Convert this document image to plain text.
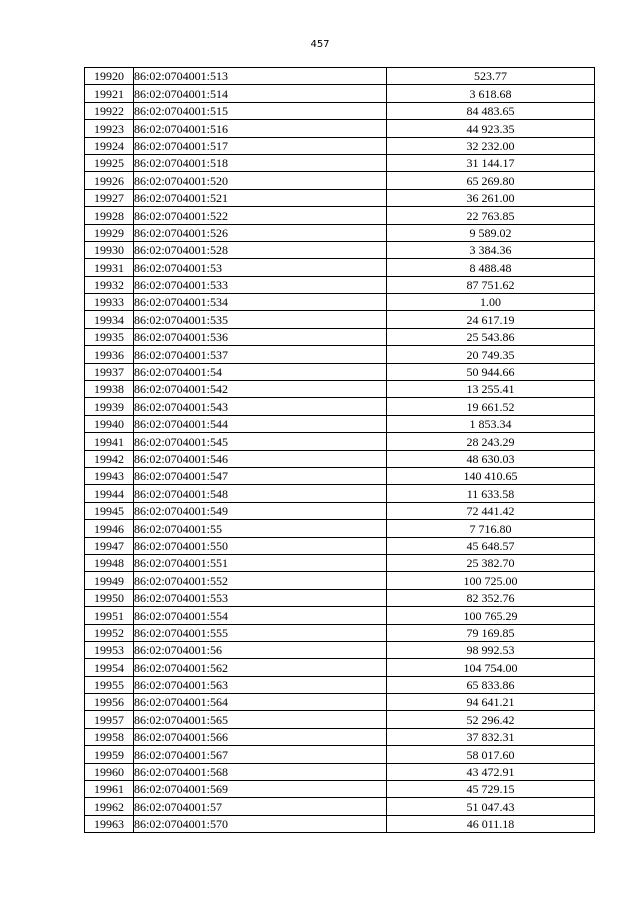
457
19920	86:02:0704001:513	523.77
19921	86:02:0704001:514	3 618.68
19922	86:02:0704001:515	84 483.65
19923	86:02:0704001:516	44 923.35
19924	86:02:0704001:517	32 232.00
19925	86:02:0704001:518	31 144.17
19926	86:02:0704001:520	65 269.80
19927	86:02:0704001:521	36 261.00
19928	86:02:0704001:522	22 763.85
19929	86:02:0704001:526	9 589.02
19930	86:02:0704001:528	3 384.36
19931	86:02:0704001:53	8 488.48
19932	86:02:0704001:533	87 751.62
19933	86:02:0704001:534	1.00
19934	86:02:0704001:535	24 617.19
19935	86:02:0704001:536	25 543.86
19936	86:02:0704001:537	20 749.35
19937	86:02:0704001:54	50 944.66
19938	86:02:0704001:542	13 255.41
19939	86:02:0704001:543	19 661.52
19940	86:02:0704001:544	1 853.34
19941	86:02:0704001:545	28 243.29
19942	86:02:0704001:546	48 630.03
19943	86:02:0704001:547	140 410.65
19944	86:02:0704001:548	11 633.58
19945	86:02:0704001:549	72 441.42
19946	86:02:0704001:55	7 716.80
19947	86:02:0704001:550	45 648.57
19948	86:02:0704001:551	25 382.70
19949	86:02:0704001:552	100 725.00
19950	86:02:0704001:553	82 352.76
19951	86:02:0704001:554	100 765.29
19952	86:02:0704001:555	79 169.85
19953	86:02:0704001:56	98 992.53
19954	86:02:0704001:562	104 754.00
19955	86:02:0704001:563	65 833.86
19956	86:02:0704001:564	94 641.21
19957	86:02:0704001:565	52 296.42
19958	86:02:0704001:566	37 832.31
19959	86:02:0704001:567	58 017.60
19960	86:02:0704001:568	43 472.91
19961	86:02:0704001:569	45 729.15
19962	86:02:0704001:57	51 047.43
19963	86:02:0704001:570	46 011.18
